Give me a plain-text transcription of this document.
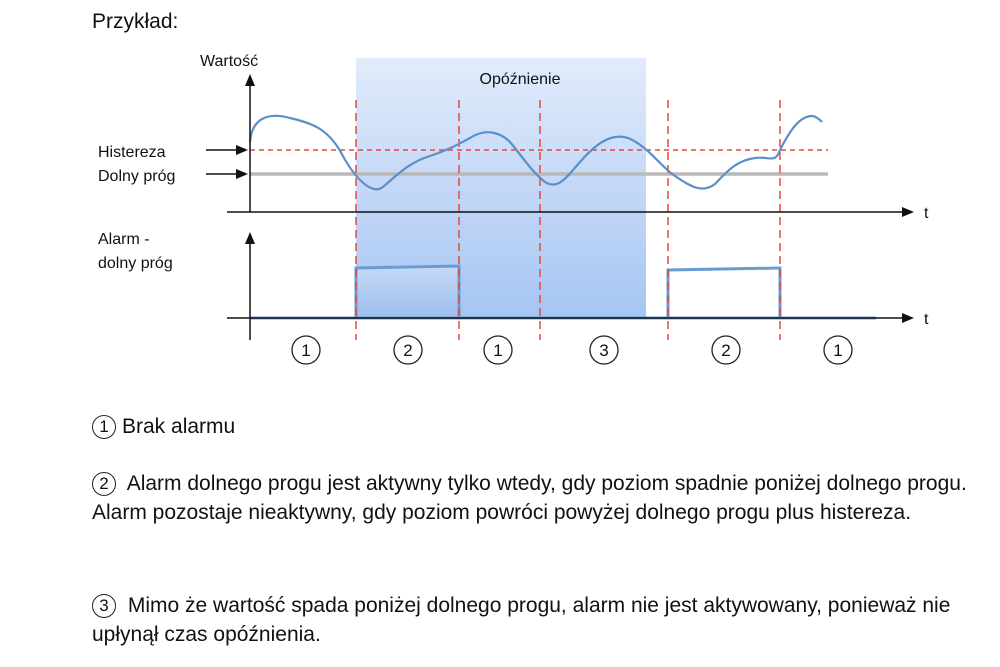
Przykład:
Opóźnienie
Wartość
Histereza
Dolny próg
Alarm -
dolny próg
t
t
1	2	1	3	2	1
1 Brak alarmu
2 Alarm dolnego progu jest aktywny tylko wtedy, gdy poziom spadnie poniżej dolnego progu. Alarm pozostaje nieaktywny, gdy poziom powróci powyżej dolnego progu plus histereza.
3 Mimo że wartość spada poniżej dolnego progu, alarm nie jest aktywowany, ponieważ nie upłynął czas opóźnienia.
